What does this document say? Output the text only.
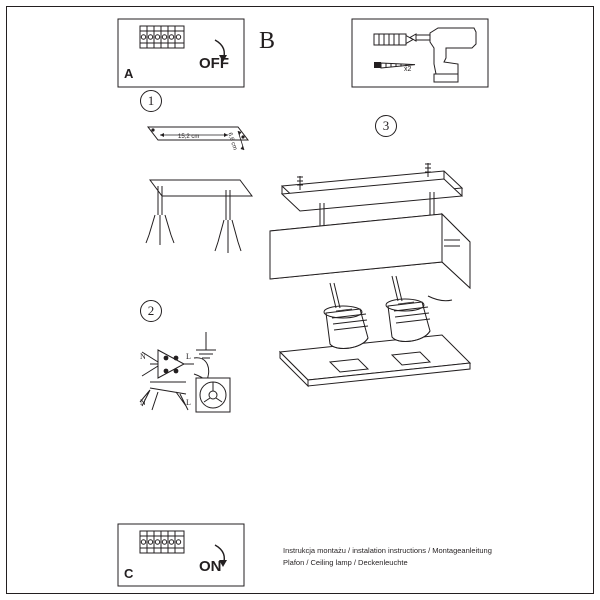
A
OFF
C	ON
B
x2
1
2
3
15,2 cm	6,6 cm
N	L
N	L
Instrukcja montażu / instalation instructions / Montageanleitung
Plafon / Ceiling lamp / Deckenleuchte
